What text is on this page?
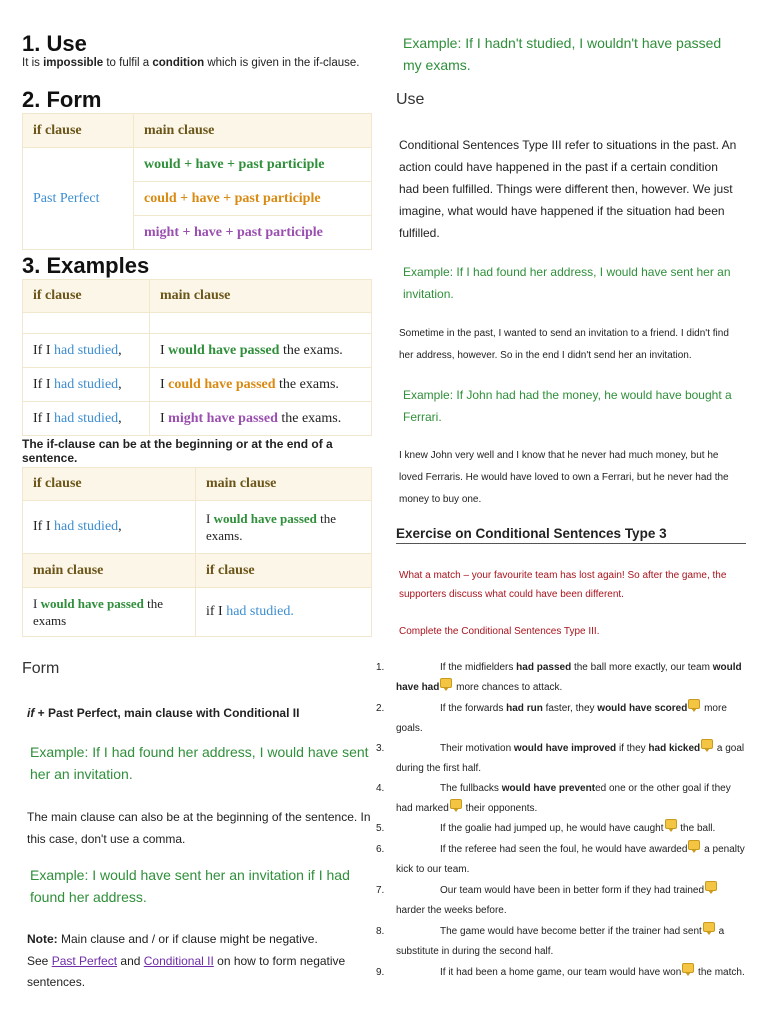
1. Use
It is impossible to fulfil a condition which is given in the if-clause.
2. Form
if clause	main clause
Past Perfect	would + have + past participle
	could + have + past participle
	might + have + past participle
3. Examples
if clause	main clause

If I had studied,	I would have passed the exams.
If I had studied,	I could have passed the exams.
If I had studied,	I might have passed the exams.
The if-clause can be at the beginning or at the end of a sentence.
if clause	main clause
If I had studied,	I would have passed the exams.
main clause	if clause
I would have passed the exams	if I had studied.
Form
if + Past Perfect, main clause with Conditional II
Example: If I had found her address, I would have sent her an invitation.
The main clause can also be at the beginning of the sentence. In this case, don't use a comma.
Example: I would have sent her an invitation if I had found her address.
Note: Main clause and / or if clause might be negative.
See Past Perfect and Conditional II on how to form negative sentences.
Example: If I hadn't studied, I wouldn't have passed my exams.
Use
Conditional Sentences Type III refer to situations in the past. An action could have happened in the past if a certain condition had been fulfilled. Things were different then, however. We just imagine, what would have happened if the situation had been fulfilled.
Example: If I had found her address, I would have sent her an invitation.
Sometime in the past, I wanted to send an invitation to a friend. I didn't find her address, however. So in the end I didn't send her an invitation.
Example: If John had had the money, he would have bought a Ferrari.
I knew John very well and I know that he never had much money, but he loved Ferraris. He would have loved to own a Ferrari, but he never had the money to buy one.
Exercise on Conditional Sentences Type 3
What a match – your favourite team has lost again! So after the game, the supporters discuss what could have been different.
Complete the Conditional Sentences Type III.
1.	If the midfielders had passed the ball more exactly, our team would have had more chances to attack.
2.	If the forwards had run faster, they would have scored more goals.
3.	Their motivation would have improved if they had kicked a goal during the first half.
4.	The fullbacks would have prevented one or the other goal if they had marked their opponents.
5.	If the goalie had jumped up, he would have caught the ball.
6.	If the referee had seen the foul, he would have awarded a penalty kick to our team.
7.	Our team would have been in better form if they had trained harder the weeks before.
8.	The game would have become better if the trainer had sent a substitute in during the second half.
9.	If it had been a home game, our team would have won the match.
